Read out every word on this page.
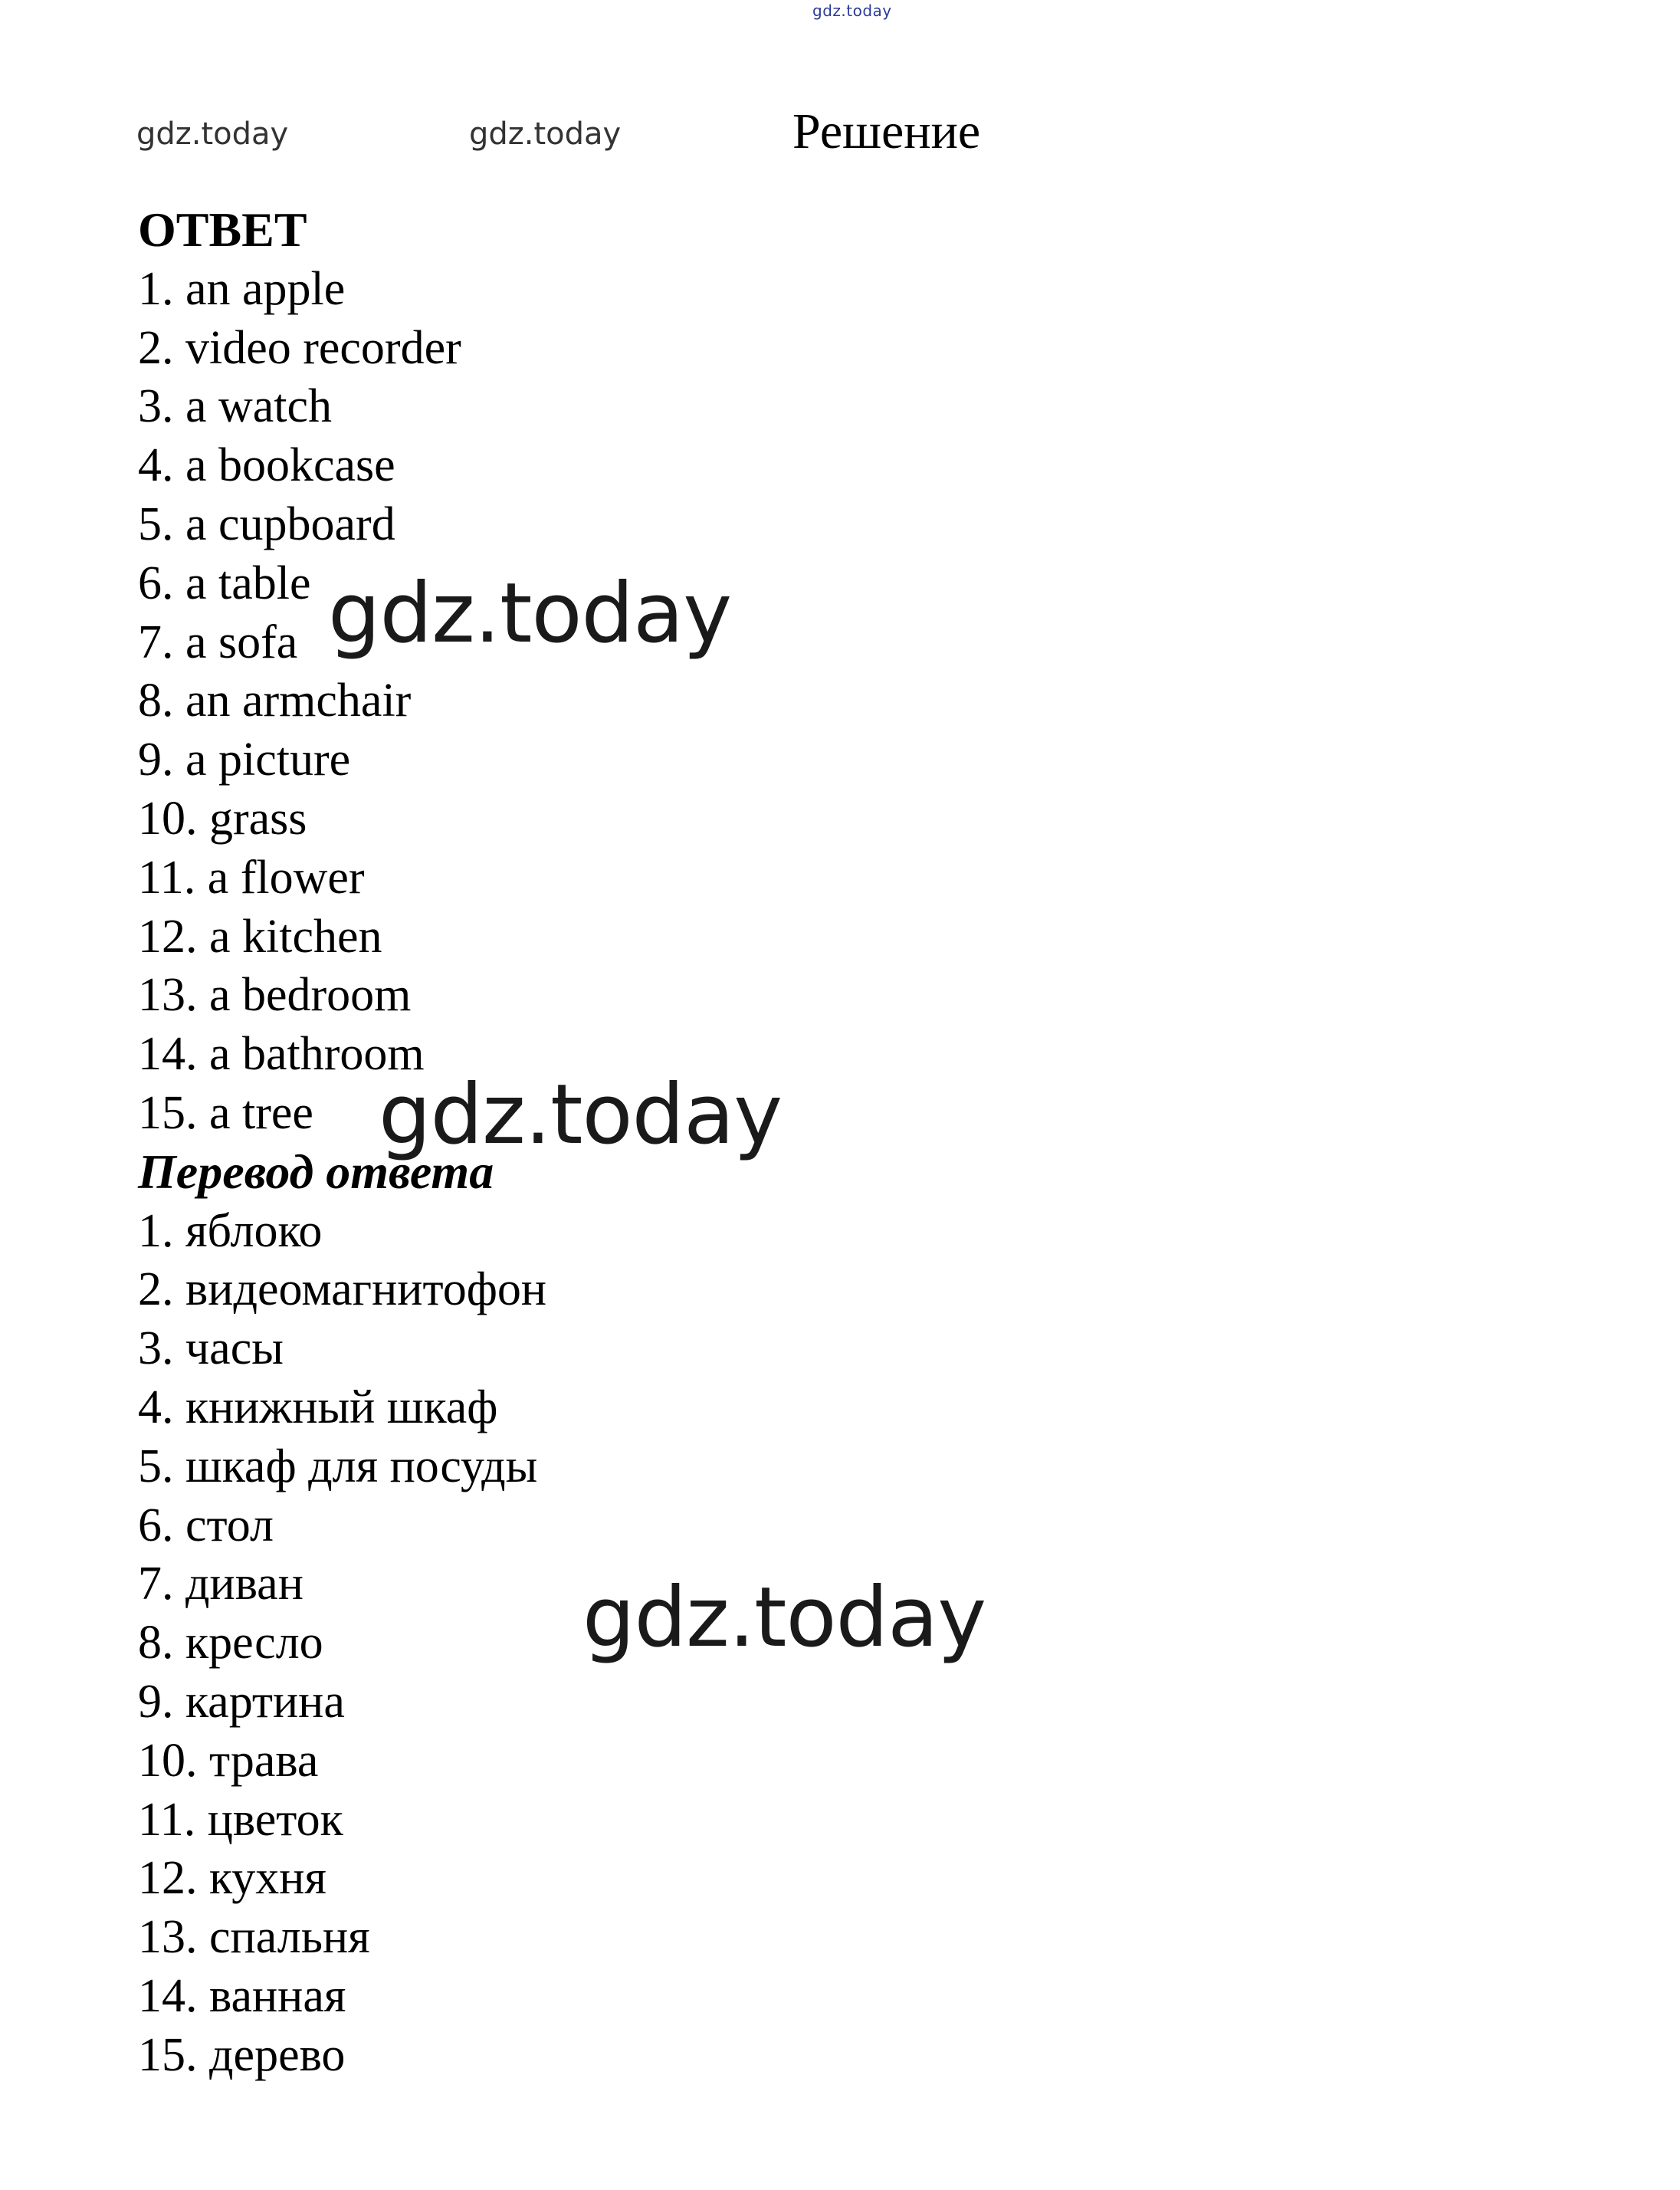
gdz.today
gdz.today	gdz.today	Решение
ОТВЕТ
1. an apple
2. video recorder
3. a watch
4. a bookcase
5. a cupboard
6. a table
7. a sofa
8. an armchair
9. a picture
10. grass
11. a flower
12. a kitchen
13. a bedroom
14. a bathroom
15. a tree
Перевод ответа
1. яблоко
2. видеомагнитофон
3. часы
4. книжный шкаф
5. шкаф для посуды
6. стол
7. диван
8. кресло
9. картина
10. трава
11. цветок
12. кухня
13. спальня
14. ванная
15. дерево
gdz.today
gdz.today
gdz.today
